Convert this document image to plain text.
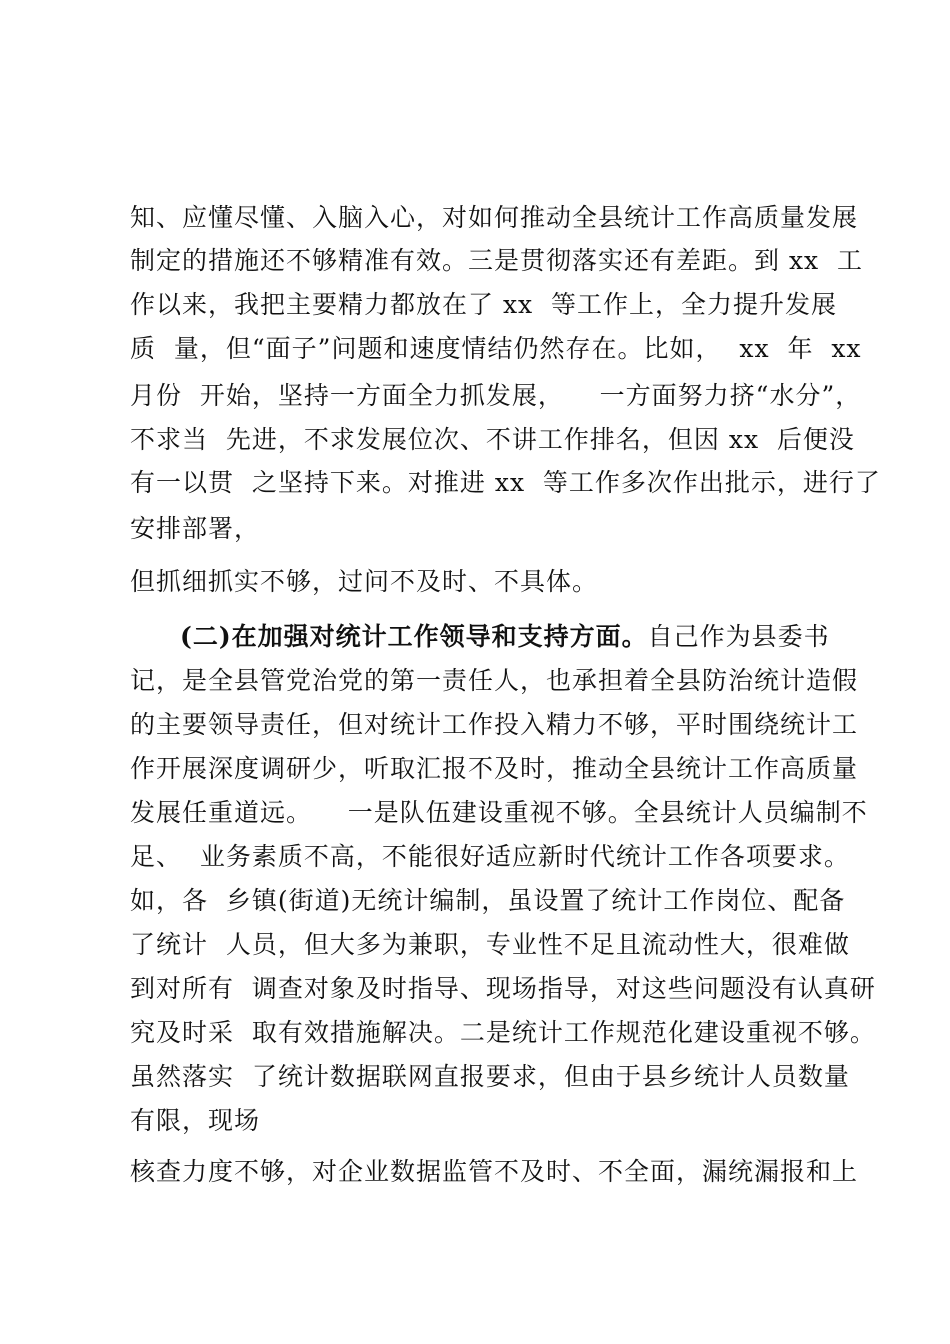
知、应懂尽懂、入脑入心，对如何推动全县统计工作高质量发展
制定的措施还不够精准有效。三是贯彻落实还有差距。到 xx  工
作以来，我把主要精力都放在了 xx  等工作上，全力提升发展
质  量，但“面子”问题和速度情结仍然存在。比如，  xx  年  xx
月份  开始，坚持一方面全力抓发展，    一方面努力挤“水分”，
不求当  先进，不求发展位次、不讲工作排名，但因 xx  后便没
有一以贯  之坚持下来。对推进 xx  等工作多次作出批示，进行了
安排部署，
但抓细抓实不够，过问不及时、不具体。
(二)在加强对统计工作领导和支持方面。自己作为县委书
记，是全县管党治党的第一责任人，也承担着全县防治统计造假
的主要领导责任，但对统计工作投入精力不够，平时围绕统计工
作开展深度调研少，听取汇报不及时，推动全县统计工作高质量
发展任重道远。    一是队伍建设重视不够。全县统计人员编制不
足、  业务素质不高，不能很好适应新时代统计工作各项要求。
如，各  乡镇(街道)无统计编制，虽设置了统计工作岗位、配备
了统计  人员，但大多为兼职，专业性不足且流动性大，很难做
到对所有  调查对象及时指导、现场指导，对这些问题没有认真研
究及时采  取有效措施解决。二是统计工作规范化建设重视不够。
虽然落实  了统计数据联网直报要求，但由于县乡统计人员数量
有限，现场
核查力度不够，对企业数据监管不及时、不全面，漏统漏报和上
